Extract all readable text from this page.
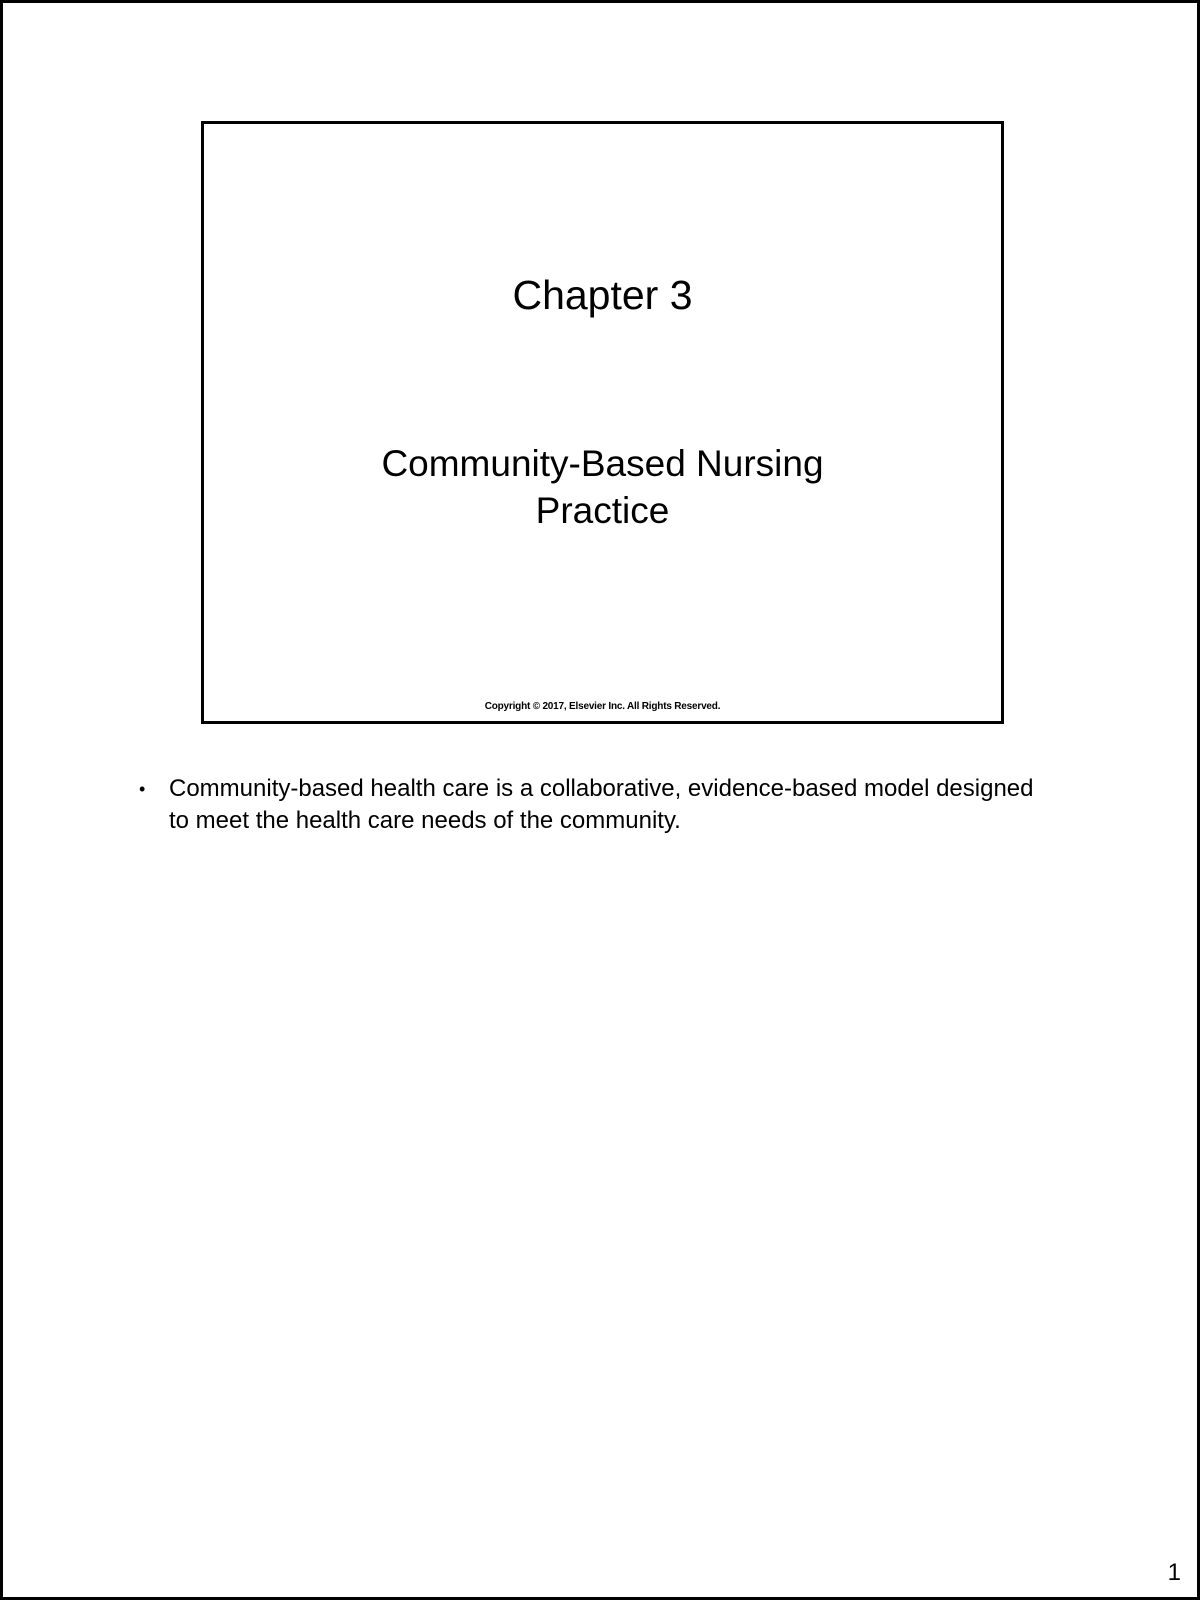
Chapter 3
Community-Based Nursing
Practice
Copyright © 2017, Elsevier Inc. All Rights Reserved.
• Community-based health care is a collaborative, evidence-based model designed to meet the health care needs of the community.
1
